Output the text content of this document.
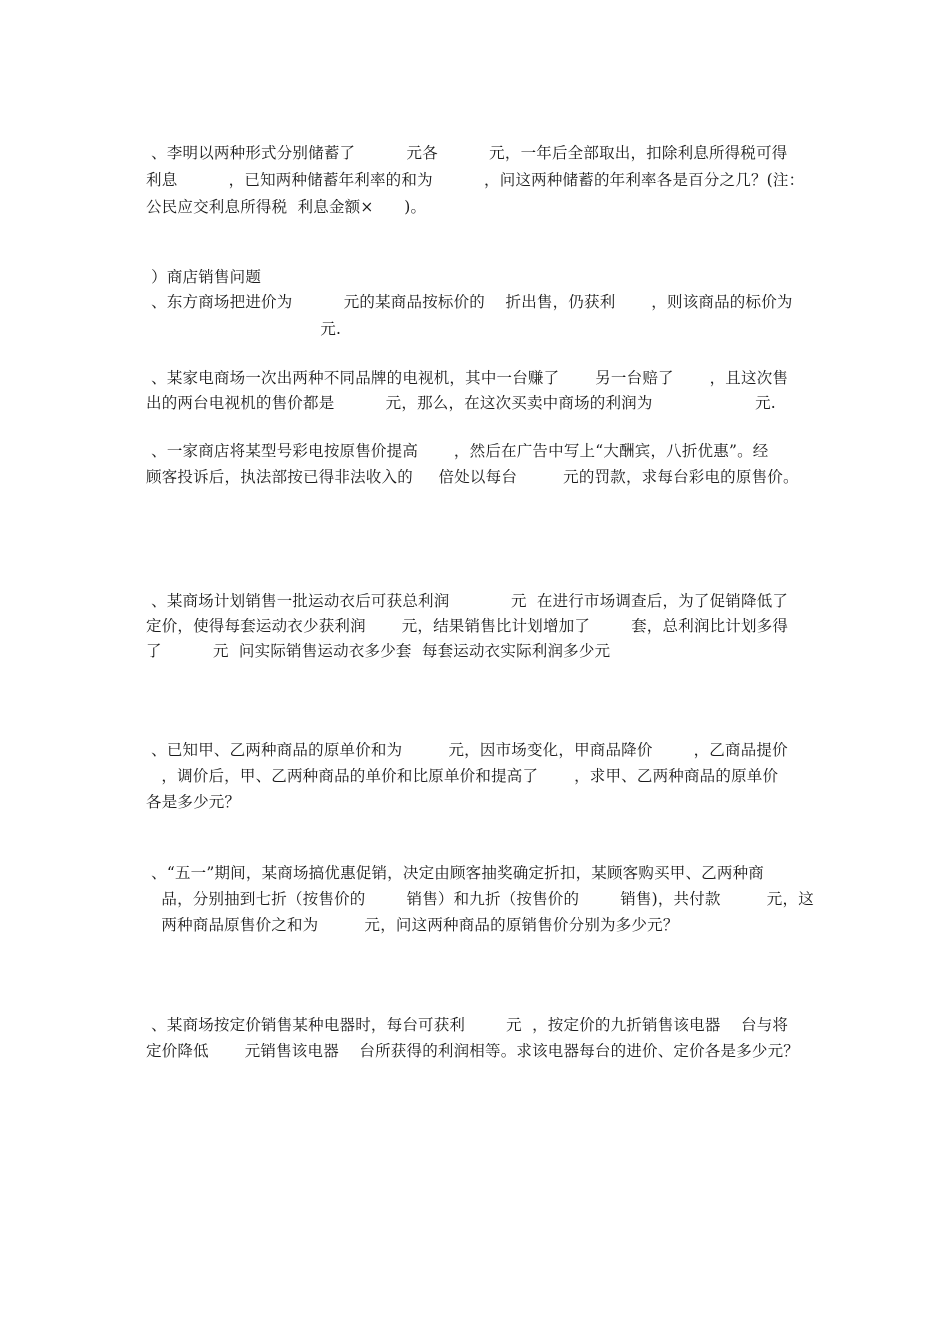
、李明以两种形式分别储蓄了          元各          元，一年后全部取出，扣除利息所得税可得
利息          ，已知两种储蓄年利率的和为          ，问这两种储蓄的年利率各是百分之几？(注：
公民应交利息所得税  利息金额×      )。
）商店销售问题
、东方商场把进价为          元的某商品按标价的    折出售，仍获利       ，则该商品的标价为
元.
、某家电商场一次出两种不同品牌的电视机，其中一台赚了       另一台赔了       ，且这次售
出的两台电视机的售价都是          元，那么，在这次买卖中商场的利润为                    元.
、一家商店将某型号彩电按原售价提高       ，然后在广告中写上“大酬宾，八折优惠”。经
顾客投诉后，执法部按已得非法收入的     倍处以每台         元的罚款，求每台彩电的原售价。
、某商场计划销售一批运动衣后可获总利润            元  在进行市场调查后，为了促销降低了
定价，使得每套运动衣少获利润       元，结果销售比计划增加了        套，总利润比计划多得
了          元  问实际销售运动衣多少套  每套运动衣实际利润多少元
、已知甲、乙两种商品的原单价和为         元，因市场变化，甲商品降价        ，乙商品提价
，调价后，甲、乙两种商品的单价和比原单价和提高了       ，求甲、乙两种商品的原单价
各是多少元？
、“五一”期间，某商场搞优惠促销，决定由顾客抽奖确定折扣，某顾客购买甲、乙两种商
品，分别抽到七折（按售价的        销售）和九折（按售价的        销售)，共付款         元，这
两种商品原售价之和为         元，问这两种商品的原销售价分别为多少元？
、某商场按定价销售某种电器时，每台可获利        元  ，按定价的九折销售该电器    台与将
定价降低       元销售该电器    台所获得的利润相等。求该电器每台的进价、定价各是多少元？
